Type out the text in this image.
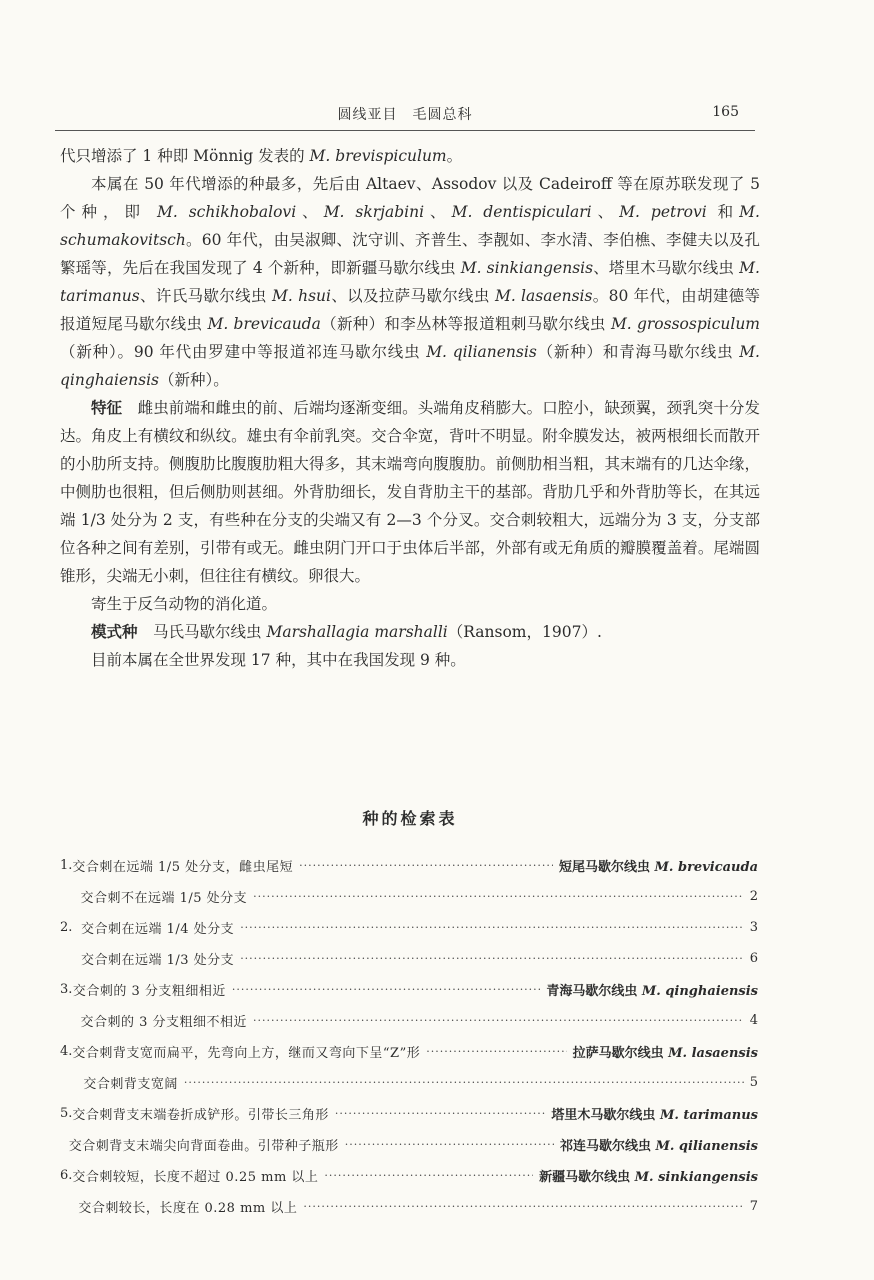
圆线亚目　毛圆总科	165

代只增添了 1 种即 Mönnig 发表的 M. brevispiculum。

本属在 50 年代增添的种最多，先后由 Altaev、Assodov 以及 Cadeiroff 等在原苏联发现了 5 个种，即 M. schikhobalovi、M. skrjabini、M. dentispiculari、M. petrovi 和M. schumakovitsch。60 年代，由吴淑卿、沈守训、齐普生、李靓如、李水清、李伯樵、李健夫以及孔繁瑶等，先后在我国发现了 4 个新种，即新疆马歇尔线虫 M. sinkiangensis、塔里木马歇尔线虫 M. tarimanus、许氏马歇尔线虫 M. hsui、以及拉萨马歇尔线虫 M. lasaensis。80 年代，由胡建德等报道短尾马歇尔线虫 M. brevicauda（新种）和李丛林等报道粗刺马歇尔线虫 M. grossospiculum（新种）。90 年代由罗建中等报道祁连马歇尔线虫 M. qilianensis（新种）和青海马歇尔线虫 M. qinghaiensis（新种）。

特征　雌虫前端和雌虫的前、后端均逐渐变细。头端角皮稍膨大。口腔小，缺颈翼，颈乳突十分发达。角皮上有横纹和纵纹。雄虫有伞前乳突。交合伞宽，背叶不明显。附伞膜发达，被两根细长而散开的小肋所支持。侧腹肋比腹腹肋粗大得多，其末端弯向腹腹肋。前侧肋相当粗，其末端有的几达伞缘，中侧肋也很粗，但后侧肋则甚细。外背肋细长，发自背肋主干的基部。背肋几乎和外背肋等长，在其远端 1/3 处分为 2 支，有些种在分支的尖端又有 2—3 个分叉。交合刺较粗大，远端分为 3 支，分支部位各种之间有差别，引带有或无。雌虫阴门开口于虫体后半部，外部有或无角质的瓣膜覆盖着。尾端圆锥形，尖端无小刺，但往往有横纹。卵很大。

寄生于反刍动物的消化道。

模式种　马氏马歇尔线虫 Marshallagia marshalli（Ransom，1907）.

目前本属在全世界发现 17 种，其中在我国发现 9 种。

种的检索表
1. 交合刺在远端 1/5 处分支，雌虫尾短 ·····	短尾马歇尔线虫 M. brevicauda
交合刺不在远端 1/5 处分支 ·····	2
2. 交合刺在远端 1/4 处分支 ·····	3
交合刺在远端 1/3 处分支 ·····	6
3. 交合刺的 3 分支粗细相近 ·····	青海马歇尔线虫 M. qinghaiensis
交合刺的 3 分支粗细不相近 ·····	4
4. 交合刺背支宽而扁平，先弯向上方，继而又弯向下呈“Z”形 ·····	拉萨马歇尔线虫 M. lasaensis
交合刺背支宽阔 ·····	5
5. 交合刺背支末端卷折成铲形。引带长三角形 ·····	塔里木马歇尔线虫 M. tarimanus
交合刺背支末端尖向背面卷曲。引带种子瓶形 ·····	祁连马歇尔线虫 M. qilianensis
6. 交合刺较短，长度不超过 0.25 mm 以上 ·····	新疆马歇尔线虫 M. sinkiangensis
交合刺较长，长度在 0.28 mm 以上 ·····	7
